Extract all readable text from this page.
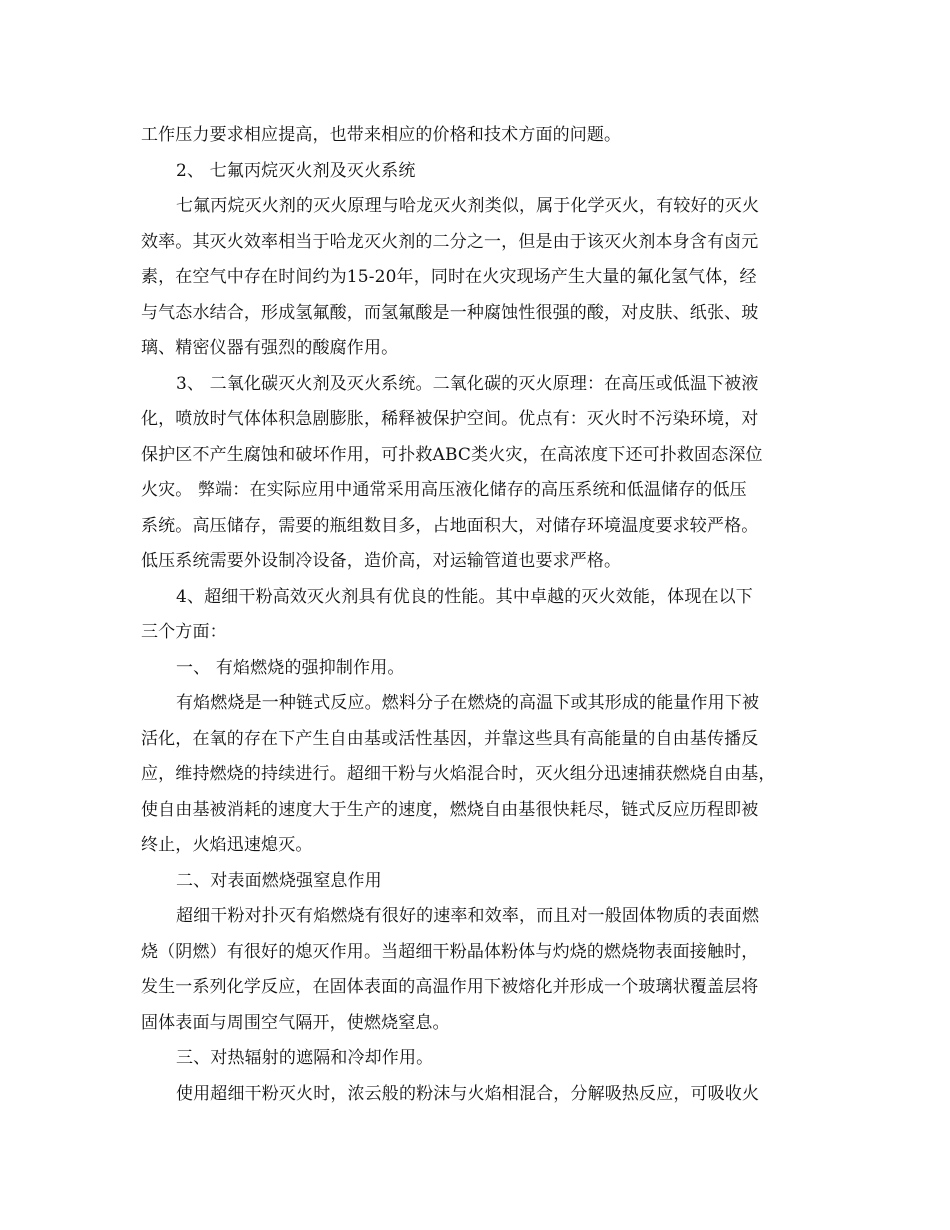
工作压力要求相应提高，也带来相应的价格和技术方面的问题。
2、 七氟丙烷灭火剂及灭火系统
七氟丙烷灭火剂的灭火原理与哈龙灭火剂类似，属于化学灭火，有较好的灭火
效率。其灭火效率相当于哈龙灭火剂的二分之一，但是由于该灭火剂本身含有卤元
素，在空气中存在时间约为15-20年，同时在火灾现场产生大量的氟化氢气体，经
与气态水结合，形成氢氟酸，而氢氟酸是一种腐蚀性很强的酸，对皮肤、纸张、玻
璃、精密仪器有强烈的酸腐作用。
3、 二氧化碳灭火剂及灭火系统。二氧化碳的灭火原理：在高压或低温下被液
化，喷放时气体体积急剧膨胀，稀释被保护空间。优点有：灭火时不污染环境，对
保护区不产生腐蚀和破坏作用，可扑救ABC类火灾，在高浓度下还可扑救固态深位
火灾。 弊端：在实际应用中通常采用高压液化储存的高压系统和低温储存的低压
系统。高压储存，需要的瓶组数目多，占地面积大，对储存环境温度要求较严格。
低压系统需要外设制冷设备，造价高，对运输管道也要求严格。
4、超细干粉高效灭火剂具有优良的性能。其中卓越的灭火效能，体现在以下
三个方面：
一、 有焰燃烧的强抑制作用。
有焰燃烧是一种链式反应。燃料分子在燃烧的高温下或其形成的能量作用下被
活化，在氧的存在下产生自由基或活性基因，并靠这些具有高能量的自由基传播反
应，维持燃烧的持续进行。超细干粉与火焰混合时，灭火组分迅速捕获燃烧自由基，
使自由基被消耗的速度大于生产的速度，燃烧自由基很快耗尽，链式反应历程即被
终止，火焰迅速熄灭。
二、对表面燃烧强窒息作用
超细干粉对扑灭有焰燃烧有很好的速率和效率，而且对一般固体物质的表面燃
烧（阴燃）有很好的熄灭作用。当超细干粉晶体粉体与灼烧的燃烧物表面接触时，
发生一系列化学反应，在固体表面的高温作用下被熔化并形成一个玻璃状覆盖层将
固体表面与周围空气隔开，使燃烧窒息。
三、对热辐射的遮隔和冷却作用。
使用超细干粉灭火时，浓云般的粉沫与火焰相混合，分解吸热反应，可吸收火
